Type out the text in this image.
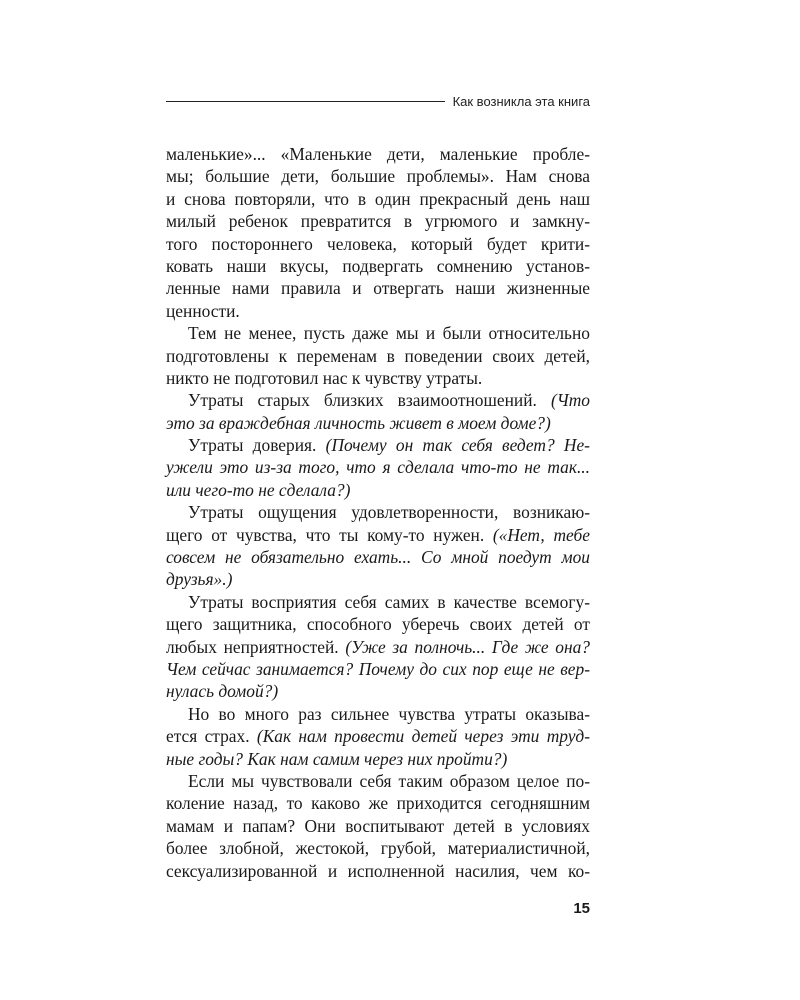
Как возникла эта книга
маленькие»... «Маленькие дети, маленькие пробле-
мы; большие дети, большие проблемы». Нам снова
и снова повторяли, что в один прекрасный день наш
милый ребенок превратится в угрюмого и замкну-
того постороннего человека, который будет крити-
ковать наши вкусы, подвергать сомнению установ-
ленные нами правила и отвергать наши жизненные
ценности.
Тем не менее, пусть даже мы и были относительно
подготовлены к переменам в поведении своих детей,
никто не подготовил нас к чувству утраты.
Утраты старых близких взаимоотношений. (Что
это за враждебная личность живет в моем доме?)
Утраты доверия. (Почему он так себя ведет? Не-
ужели это из-за того, что я сделала что-то не так...
или чего-то не сделала?)
Утраты ощущения удовлетворенности, возникаю-
щего от чувства, что ты кому-то нужен. («Нет, тебе
совсем не обязательно ехать... Со мной поедут мои
друзья».)
Утраты восприятия себя самих в качестве всемогу-
щего защитника, способного уберечь своих детей от
любых неприятностей. (Уже за полночь... Где же она?
Чем сейчас занимается? Почему до сих пор еще не вер-
нулась домой?)
Но во много раз сильнее чувства утраты оказыва-
ется страх. (Как нам провести детей через эти труд-
ные годы? Как нам самим через них пройти?)
Если мы чувствовали себя таким образом целое по-
коление назад, то каково же приходится сегодняшним
мамам и папам? Они воспитывают детей в условиях
более злобной, жестокой, грубой, материалистичной,
сексуализированной и исполненной насилия, чем ко-
15
